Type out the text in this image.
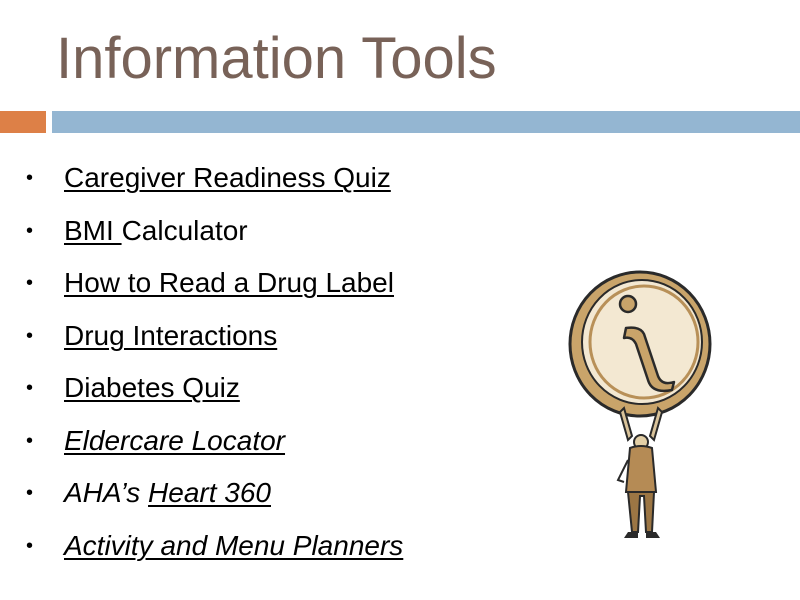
Information Tools
• Caregiver Readiness Quiz
• BMI Calculator
• How to Read a Drug Label
• Drug Interactions
• Diabetes Quiz
• Eldercare Locator
• AHA’s Heart 360
• Activity and Menu Planners
